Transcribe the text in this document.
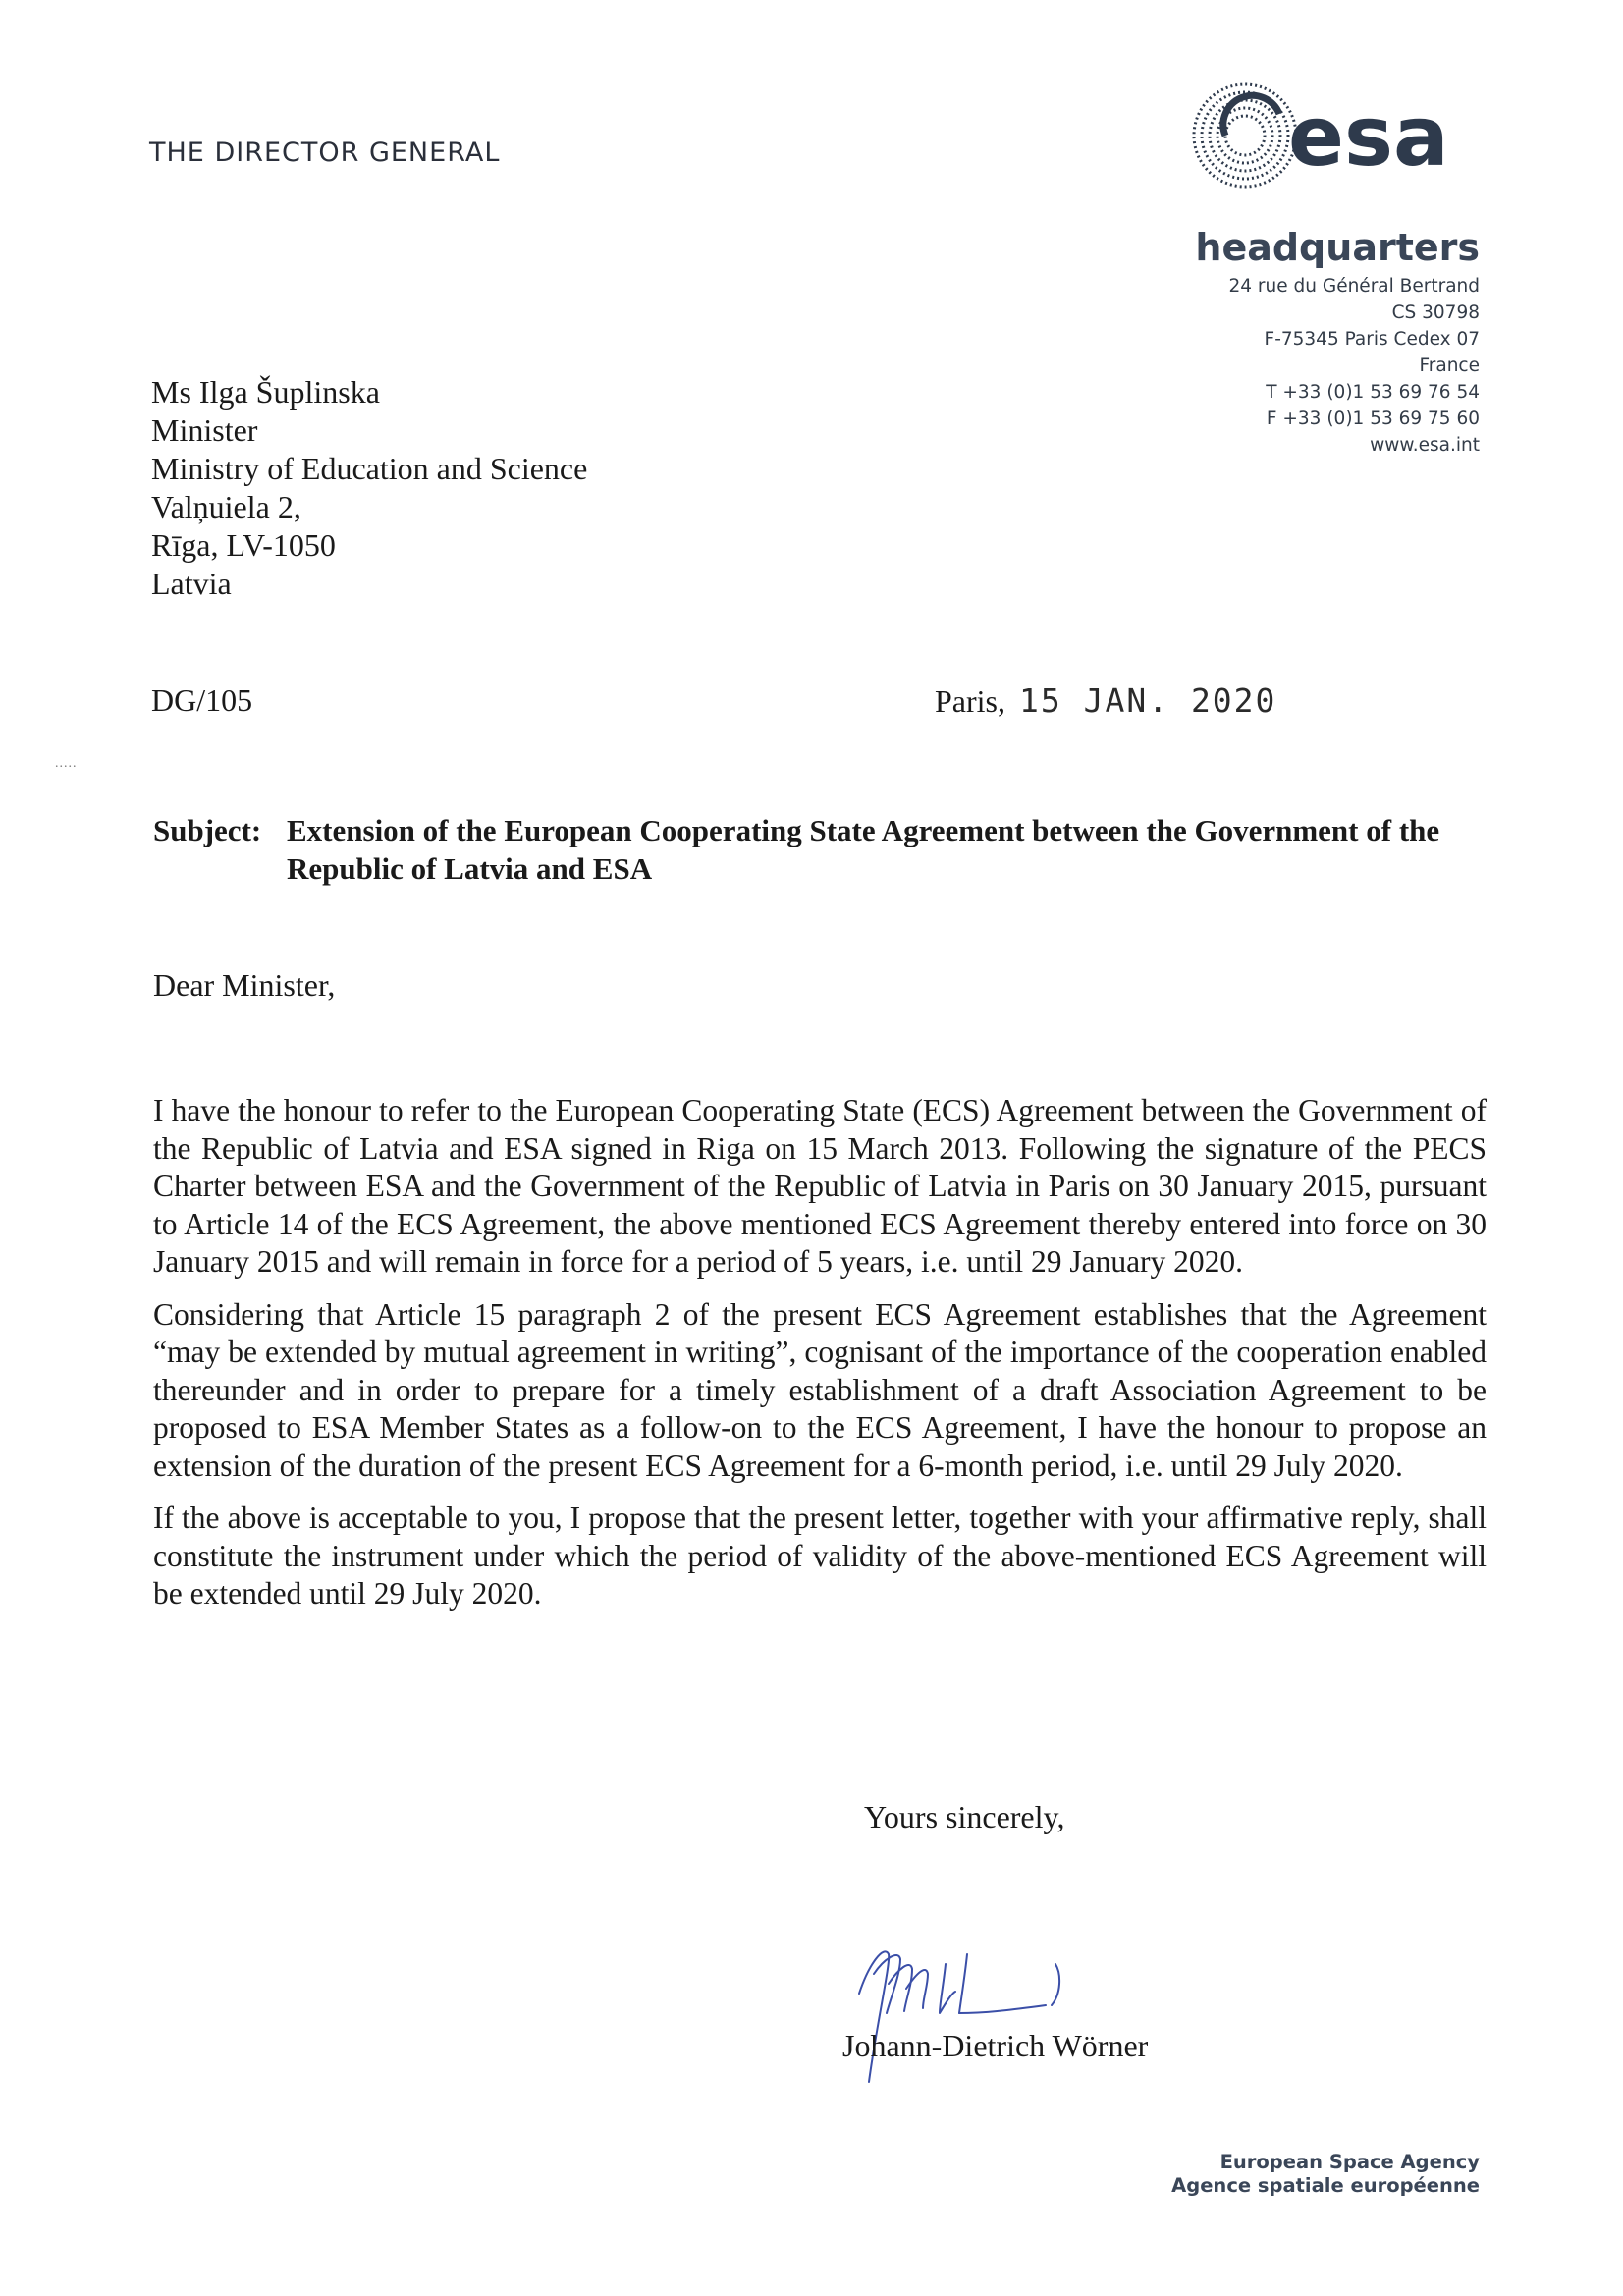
THE DIRECTOR GENERAL	esa
headquarters
24 rue du Général Bertrand
CS 30798
F-75345 Paris Cedex 07
France
T +33 (0)1 53 69 76 54
F +33 (0)1 53 69 75 60
www.esa.int
Ms Ilga Šuplinska
Minister
Ministry of Education and Science
Valņuiela 2,
Rīga, LV-1050
Latvia
DG/105	Paris, 15 JAN. 2020
.....
Subject: Extension of the European Cooperating State Agreement between the Government of the Republic of Latvia and ESA
Dear Minister,

I have the honour to refer to the European Cooperating State (ECS) Agreement between the Government of the Republic of Latvia and ESA signed in Riga on 15 March 2013. Following the signature of the PECS Charter between ESA and the Government of the Republic of Latvia in Paris on 30 January 2015, pursuant to Article 14 of the ECS Agreement, the above mentioned ECS Agreement thereby entered into force on 30 January 2015 and will remain in force for a period of 5 years, i.e. until 29 January 2020.

Considering that Article 15 paragraph 2 of the present ECS Agreement establishes that the Agreement “may be extended by mutual agreement in writing”, cognisant of the importance of the cooperation enabled thereunder and in order to prepare for a timely establishment of a draft Association Agreement to be proposed to ESA Member States as a follow-on to the ECS Agreement, I have the honour to propose an extension of the duration of the present ECS Agreement for a 6-month period, i.e. until 29 July 2020.

If the above is acceptable to you, I propose that the present letter, together with your affirmative reply, shall constitute the instrument under which the period of validity of the above-mentioned ECS Agreement will be extended until 29 July 2020.

Yours sincerely,
Johann-Dietrich Wörner
European Space Agency
Agence spatiale européenne
